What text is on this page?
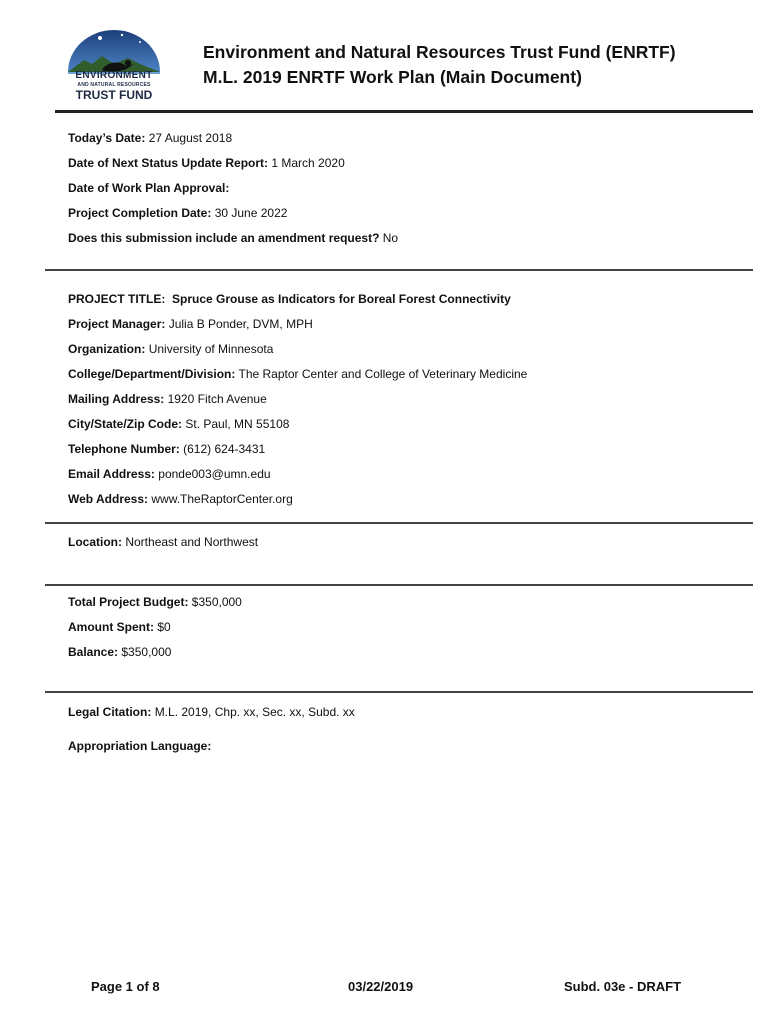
ENVIRONMENT
AND NATURAL RESOURCES
TRUST FUND
Environment and Natural Resources Trust Fund (ENRTF)
M.L. 2019 ENRTF Work Plan (Main Document)
Today’s Date: 27 August 2018
Date of Next Status Update Report: 1 March 2020
Date of Work Plan Approval:
Project Completion Date: 30 June 2022
Does this submission include an amendment request? No
PROJECT TITLE: Spruce Grouse as Indicators for Boreal Forest Connectivity
Project Manager: Julia B Ponder, DVM, MPH
Organization: University of Minnesota
College/Department/Division: The Raptor Center and College of Veterinary Medicine
Mailing Address: 1920 Fitch Avenue
City/State/Zip Code: St. Paul, MN 55108
Telephone Number: (612) 624-3431
Email Address: ponde003@umn.edu
Web Address: www.TheRaptorCenter.org
Location: Northeast and Northwest
Total Project Budget: $350,000
Amount Spent: $0
Balance: $350,000
Legal Citation: M.L. 2019, Chp. xx, Sec. xx, Subd. xx
Appropriation Language:
Page 1 of 8	03/22/2019	Subd. 03e - DRAFT
